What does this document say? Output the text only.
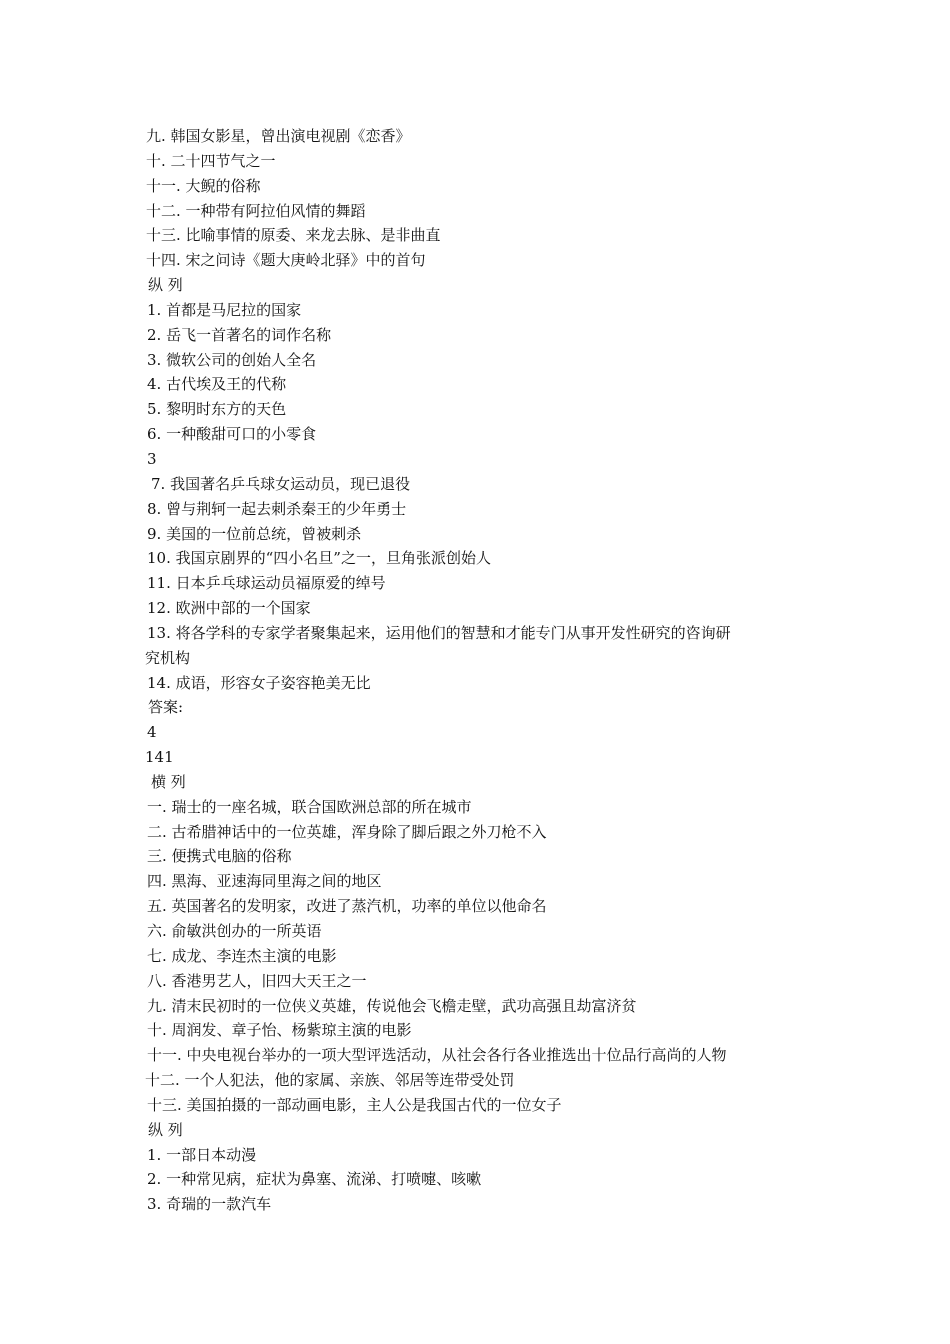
九. 韩国女影星，曾出演电视剧《恋香》
十. 二十四节气之一
十一. 大鲵的俗称
十二. 一种带有阿拉伯风情的舞蹈
十三. 比喻事情的原委、来龙去脉、是非曲直
十四. 宋之问诗《题大庚岭北驿》中的首句
纵 列
1. 首都是马尼拉的国家
2. 岳飞一首著名的词作名称
3. 微软公司的创始人全名
4. 古代埃及王的代称
5. 黎明时东方的天色
6. 一种酸甜可口的小零食
3
7. 我国著名乒乓球女运动员，现已退役
8. 曾与荆轲一起去刺杀秦王的少年勇士
9. 美国的一位前总统，曾被刺杀
10. 我国京剧界的“四小名旦”之一，旦角张派创始人
11. 日本乒乓球运动员福原爱的绰号
12. 欧洲中部的一个国家
13. 将各学科的专家学者聚集起来，运用他们的智慧和才能专门从事开发性研究的咨询研
究机构
14. 成语，形容女子姿容艳美无比
答案:
4
141
横 列
一. 瑞士的一座名城，联合国欧洲总部的所在城市
二. 古希腊神话中的一位英雄，浑身除了脚后跟之外刀枪不入
三. 便携式电脑的俗称
四. 黑海、亚速海同里海之间的地区
五. 英国著名的发明家，改进了蒸汽机，功率的单位以他命名
六. 俞敏洪创办的一所英语
七. 成龙、李连杰主演的电影
八. 香港男艺人，旧四大天王之一
九. 清末民初时的一位侠义英雄，传说他会飞檐走壁，武功高强且劫富济贫
十. 周润发、章子怡、杨紫琼主演的电影
十一. 中央电视台举办的一项大型评选活动，从社会各行各业推选出十位品行高尚的人物
十二. 一个人犯法，他的家属、亲族、邻居等连带受处罚
十三. 美国拍摄的一部动画电影，主人公是我国古代的一位女子
纵 列
1. 一部日本动漫
2. 一种常见病，症状为鼻塞、流涕、打喷嚏、咳嗽
3. 奇瑞的一款汽车
